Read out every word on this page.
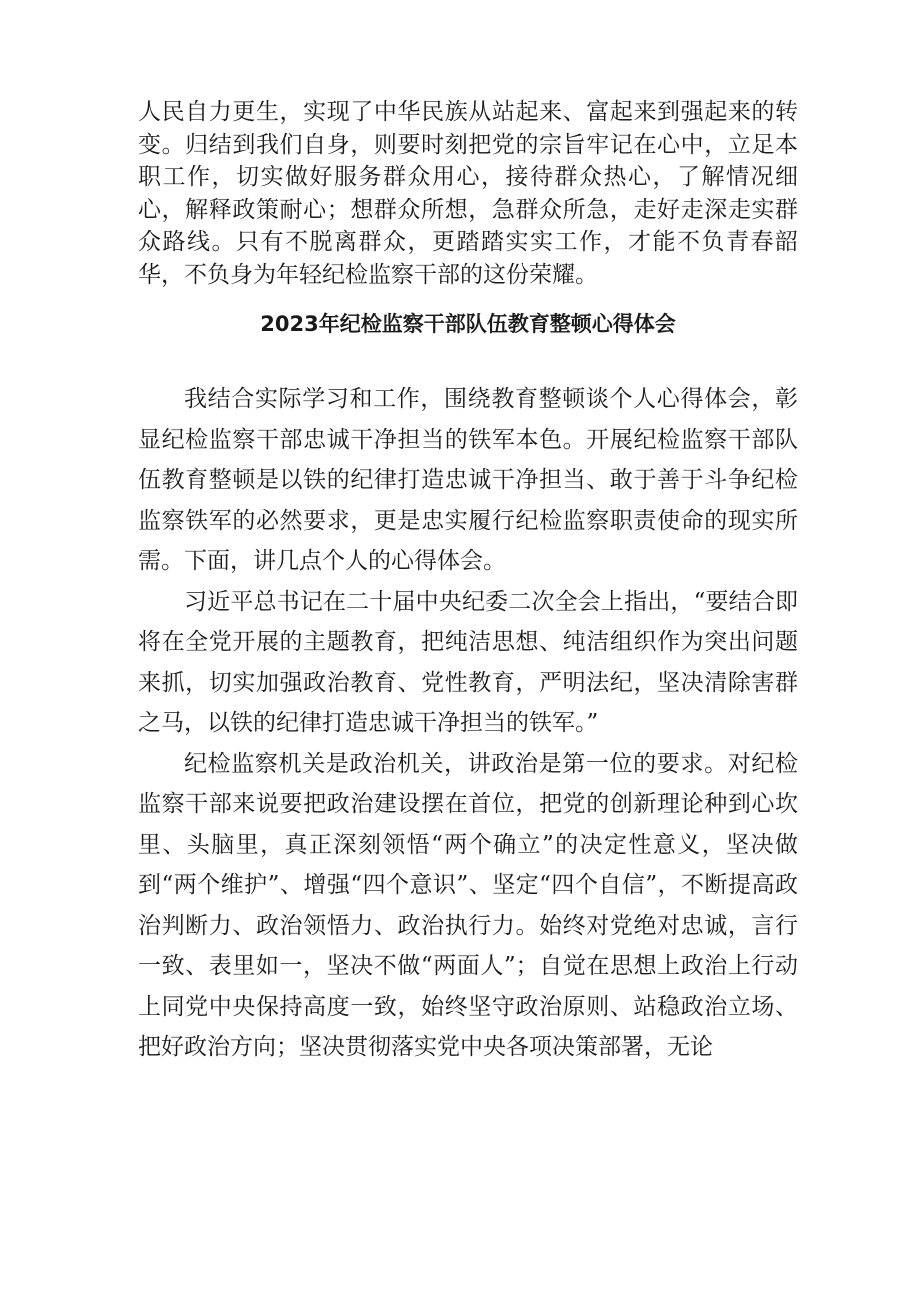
人民自力更生，实现了中华民族从站起来、富起来到强起来的转变。归结到我们自身，则要时刻把党的宗旨牢记在心中，立足本职工作，切实做好服务群众用心，接待群众热心，了解情况细心，解释政策耐心；想群众所想，急群众所急，走好走深走实群众路线。只有不脱离群众，更踏踏实实工作，才能不负青春韶华，不负身为年轻纪检监察干部的这份荣耀。

2023年纪检监察干部队伍教育整顿心得体会

我结合实际学习和工作，围绕教育整顿谈个人心得体会，彰显纪检监察干部忠诚干净担当的铁军本色。开展纪检监察干部队伍教育整顿是以铁的纪律打造忠诚干净担当、敢于善于斗争纪检监察铁军的必然要求，更是忠实履行纪检监察职责使命的现实所需。下面，讲几点个人的心得体会。

习近平总书记在二十届中央纪委二次全会上指出，“要结合即将在全党开展的主题教育，把纯洁思想、纯洁组织作为突出问题来抓，切实加强政治教育、党性教育，严明法纪，坚决清除害群之马，以铁的纪律打造忠诚干净担当的铁军。”

纪检监察机关是政治机关，讲政治是第一位的要求。对纪检监察干部来说要把政治建设摆在首位，把党的创新理论种到心坎里、头脑里，真正深刻领悟“两个确立”的决定性意义，坚决做到“两个维护”、增强“四个意识”、坚定“四个自信”，不断提高政治判断力、政治领悟力、政治执行力。始终对党绝对忠诚，言行一致、表里如一，坚决不做“两面人”；自觉在思想上政治上行动上同党中央保持高度一致，始终坚守政治原则、站稳政治立场、把好政治方向；坚决贯彻落实党中央各项决策部署，无论
